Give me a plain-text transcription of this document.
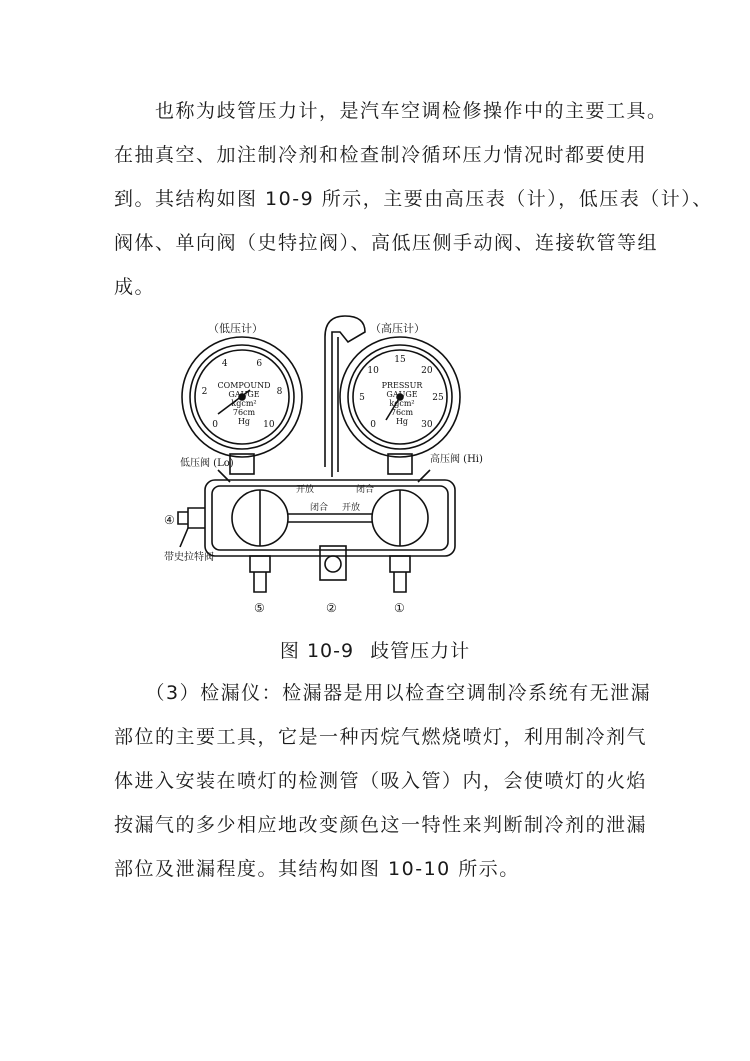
　　也称为歧管压力计，是汽车空调检修操作中的主要工具。
在抽真空、加注制冷剂和检查制冷循环压力情况时都要使用
到。其结构如图 10-9 所示，主要由高压表（计），低压表（计）、
阀体、单向阀（史特拉阀）、高低压侧手动阀、连接软管等组
成。
0
2
4	6
8
10	0
5
10
15
20
25
30
COMPOUND
GAUGE
kgcm²
76cm
Hg
PRESSUR
GAUGE
kgcm²
76cm
Hg
（低压计）	（高压计）
低压阀 (Lo)	高压阀 (Hi)
开放
闭合
闭合
开放
带史拉特阀
④
⑤	②	①
图 10-9 歧管压力计
　　（3）检漏仪：检漏器是用以检查空调制冷系统有无泄漏
部位的主要工具，它是一种丙烷气燃烧喷灯，利用制冷剂气
体进入安装在喷灯的检测管（吸入管）内，会使喷灯的火焰
按漏气的多少相应地改变颜色这一特性来判断制冷剂的泄漏
部位及泄漏程度。其结构如图 10-10 所示。
